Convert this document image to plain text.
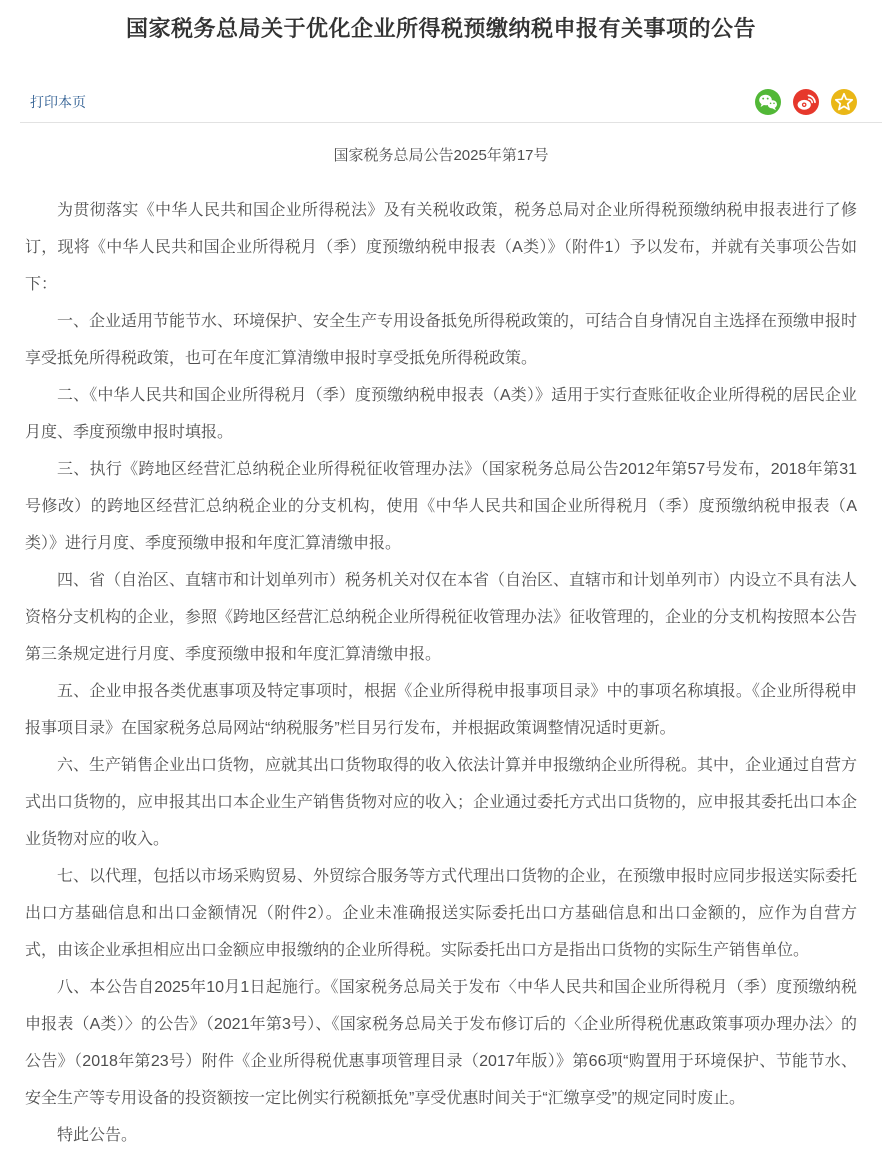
国家税务总局关于优化企业所得税预缴纳税申报有关事项的公告
打印本页
国家税务总局公告2025年第17号

为贯彻落实《中华人民共和国企业所得税法》及有关税收政策，税务总局对企业所得税预缴纳税申报表进行了修订，现将《中华人民共和国企业所得税月（季）度预缴纳税申报表（A类）》（附件1）予以发布，并就有关事项公告如下：

一、企业适用节能节水、环境保护、安全生产专用设备抵免所得税政策的，可结合自身情况自主选择在预缴申报时享受抵免所得税政策，也可在年度汇算清缴申报时享受抵免所得税政策。

二、《中华人民共和国企业所得税月（季）度预缴纳税申报表（A类）》适用于实行查账征收企业所得税的居民企业月度、季度预缴申报时填报。

三、执行《跨地区经营汇总纳税企业所得税征收管理办法》（国家税务总局公告2012年第57号发布，2018年第31号修改）的跨地区经营汇总纳税企业的分支机构，使用《中华人民共和国企业所得税月（季）度预缴纳税申报表（A类）》进行月度、季度预缴申报和年度汇算清缴申报。

四、省（自治区、直辖市和计划单列市）税务机关对仅在本省（自治区、直辖市和计划单列市）内设立不具有法人资格分支机构的企业，参照《跨地区经营汇总纳税企业所得税征收管理办法》征收管理的，企业的分支机构按照本公告第三条规定进行月度、季度预缴申报和年度汇算清缴申报。

五、企业申报各类优惠事项及特定事项时，根据《企业所得税申报事项目录》中的事项名称填报。《企业所得税申报事项目录》在国家税务总局网站“纳税服务”栏目另行发布，并根据政策调整情况适时更新。

六、生产销售企业出口货物，应就其出口货物取得的收入依法计算并申报缴纳企业所得税。其中，企业通过自营方式出口货物的，应申报其出口本企业生产销售货物对应的收入；企业通过委托方式出口货物的，应申报其委托出口本企业货物对应的收入。

七、以代理，包括以市场采购贸易、外贸综合服务等方式代理出口货物的企业，在预缴申报时应同步报送实际委托出口方基础信息和出口金额情况（附件2）。企业未准确报送实际委托出口方基础信息和出口金额的，应作为自营方式，由该企业承担相应出口金额应申报缴纳的企业所得税。实际委托出口方是指出口货物的实际生产销售单位。

八、本公告自2025年10月1日起施行。《国家税务总局关于发布〈中华人民共和国企业所得税月（季）度预缴纳税申报表（A类）〉的公告》（2021年第3号）、《国家税务总局关于发布修订后的〈企业所得税优惠政策事项办理办法〉的公告》（2018年第23号）附件《企业所得税优惠事项管理目录（2017年版）》第66项“购置用于环境保护、节能节水、安全生产等专用设备的投资额按一定比例实行税额抵免”享受优惠时间关于“汇缴享受”的规定同时废止。

特此公告。
